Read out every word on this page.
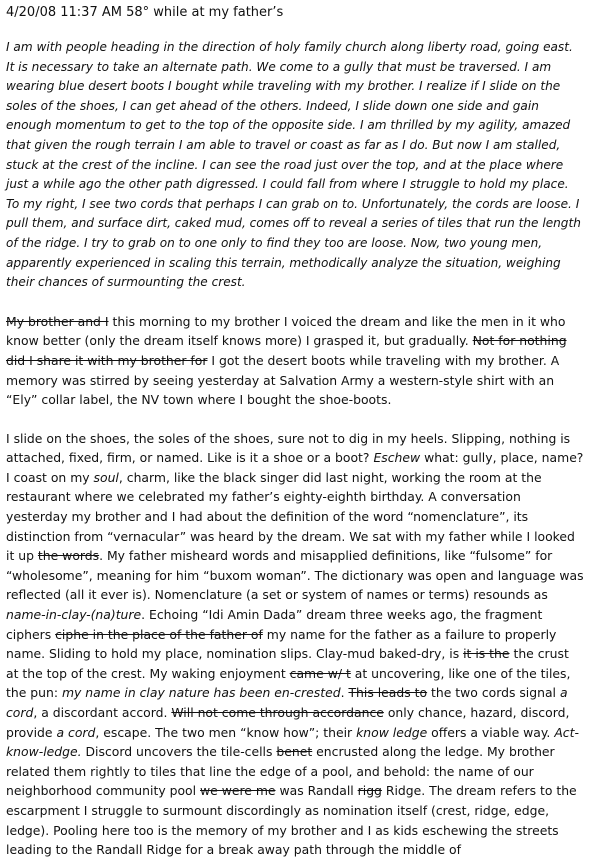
4/20/08 11:37 AM 58° while at my father’s

I am with people heading in the direction of holy family church along liberty road, going east. It is necessary to take an alternate path. We come to a gully that must be traversed. I am wearing blue desert boots I bought while traveling with my brother. I realize if I slide on the soles of the shoes, I can get ahead of the others. Indeed, I slide down one side and gain enough momentum to get to the top of the opposite side. I am thrilled by my agility, amazed that given the rough terrain I am able to travel or coast as far as I do. But now I am stalled, stuck at the crest of the incline. I can see the road just over the top, and at the place where just a while ago the other path digressed. I could fall from where I struggle to hold my place. To my right, I see two cords that perhaps I can grab on to. Unfortunately, the cords are loose. I pull them, and surface dirt, caked mud, comes off to reveal a series of tiles that run the length of the ridge. I try to grab on to one only to find they too are loose. Now, two young men, apparently experienced in scaling this terrain, methodically analyze the situation, weighing their chances of surmounting the crest.

My brother and I this morning to my brother I voiced the dream and like the men in it who know better (only the dream itself knows more) I grasped it, but gradually. Not for nothing did I share it with my brother for I got the desert boots while traveling with my brother. A memory was stirred by seeing yesterday at Salvation Army a western-style shirt with an “Ely” collar label, the NV town where I bought the shoe-boots.

I slide on the shoes, the soles of the shoes, sure not to dig in my heels. Slipping, nothing is attached, fixed, firm, or named. Like is it a shoe or a boot? Eschew what: gully, place, name? I coast on my soul, charm, like the black singer did last night, working the room at the restaurant where we celebrated my father’s eighty-eighth birthday. A conversation yesterday my brother and I had about the definition of the word “nomenclature”, its distinction from “vernacular” was heard by the dream. We sat with my father while I looked it up the words. My father misheard words and misapplied definitions, like “fulsome” for “wholesome”, meaning for him “buxom woman”. The dictionary was open and language was reflected (all it ever is). Nomenclature (a set or system of names or terms) resounds as name-in-clay-(na)ture. Echoing “Idi Amin Dada” dream three weeks ago, the fragment ciphers ciphe in the place of the father of my name for the father as a failure to properly name. Sliding to hold my place, nomination slips. Clay-mud baked-dry, is it is the the crust at the top of the crest. My waking enjoyment came w/ t at uncovering, like one of the tiles, the pun: my name in clay nature has been en-crested. This leads to the two cords signal a cord, a discordant accord. Will not come through accordance only chance, hazard, discord, provide a cord, escape. The two men “know how”; their know ledge offers a viable way. Act-know-ledge. Discord uncovers the tile-cells benet encrusted along the ledge. My brother related them rightly to tiles that line the edge of a pool, and behold: the name of our neighborhood community pool we were me was Randall rigg Ridge. The dream refers to the escarpment I struggle to surmount discordingly as nomination itself (crest, ridge, edge, ledge). Pooling here too is the memory of my brother and I as kids eschewing the streets leading to the Randall Ridge for a break away path through the middle of
